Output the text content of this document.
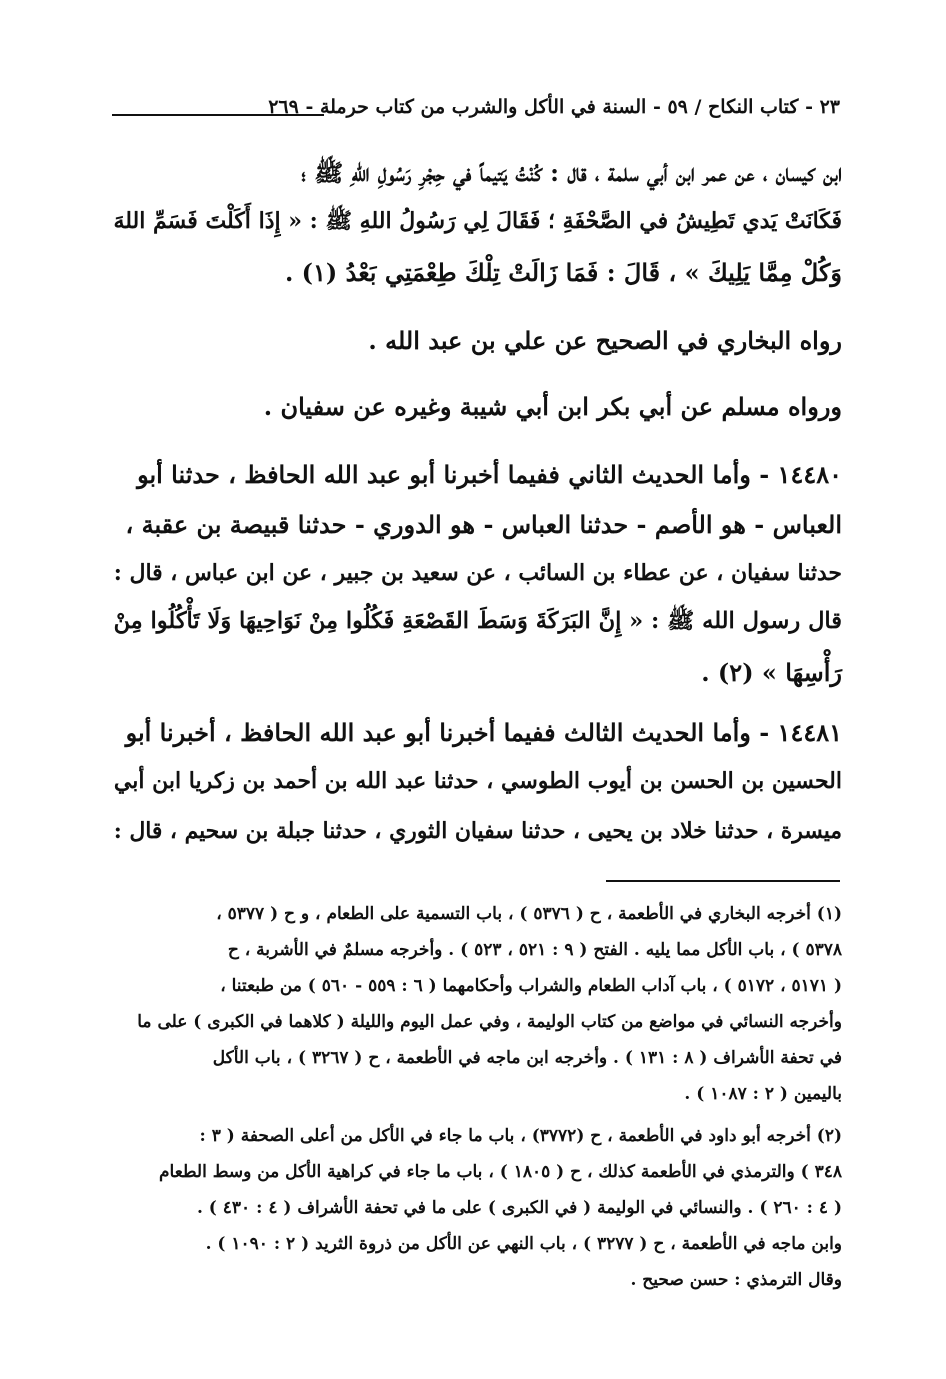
٢٣ - كتاب النكاح / ٥٩ - السنة في الأكل والشرب من كتاب حرملة - ٢٦٩
ابن كيسان ، عن عمر ابن أبي سلمة ، قال : كُنْتُ يَتيماً في حِجْرِ رَسُولِ اللهِ ﷺ ؛
فَكَانَتْ يَدي تَطِيشُ في الصَّحْفَةِ ؛ فَقَالَ لِي رَسُولُ اللهِ ﷺ : « إِذَا أَكَلْتَ فَسَمِّ اللهَ
وَكُلْ مِمَّا يَلِيكَ » ، قَالَ : فَمَا زَالَتْ تِلْكَ طِعْمَتِي بَعْدُ (١) .
رواه البخاري في الصحيح عن علي بن عبد الله .
ورواه مسلم عن أبي بكر ابن أبي شيبة وغيره عن سفيان .
١٤٤٨٠ - وأما الحديث الثاني ففيما أخبرنا أبو عبد الله الحافظ ، حدثنا أبو
العباس - هو الأصم - حدثنا العباس - هو الدوري - حدثنا قبيصة بن عقبة ،
حدثنا سفيان ، عن عطاء بن السائب ، عن سعيد بن جبير ، عن ابن عباس ، قال :
قال رسول الله ﷺ : « إِنَّ البَرَكَةَ وَسَطَ القَصْعَةِ فَكُلُوا مِنْ نَوَاحِيهَا وَلَا تَأْكُلُوا مِنْ
رَأْسِهَا » (٢) .
١٤٤٨١ - وأما الحديث الثالث ففيما أخبرنا أبو عبد الله الحافظ ، أخبرنا أبو
الحسين بن الحسن بن أيوب الطوسي ، حدثنا عبد الله بن أحمد بن زكريا ابن أبي
ميسرة ، حدثنا خلاد بن يحيى ، حدثنا سفيان الثوري ، حدثنا جبلة بن سحيم ، قال :
(١) أخرجه البخاري في الأطعمة ، ح ( ٥٣٧٦ ) ، باب التسمية على الطعام ، و ح ( ٥٣٧٧ ،
٥٣٧٨ ) ، باب الأكل مما يليه . الفتح ( ٩ : ٥٢١ ، ٥٢٣ ) . وأخرجه مسلمٌ في الأشربة ، ح
( ٥١٧١ ، ٥١٧٢ ) ، باب آداب الطعام والشراب وأحكامهما ( ٦ : ٥٥٩ - ٥٦٠ ) من طبعتنا ،
وأخرجه النسائي في مواضع من كتاب الوليمة ، وفي عمل اليوم والليلة ( كلاهما في الكبرى ) على ما
في تحفة الأشراف ( ٨ : ١٣١ ) . وأخرجه ابن ماجه في الأطعمة ، ح ( ٣٢٦٧ ) ، باب الأكل
باليمين ( ٢ : ١٠٨٧ ) .
(٢) أخرجه أبو داود في الأطعمة ، ح (٣٧٧٢) ، باب ما جاء في الأكل من أعلى الصحفة ( ٣ :
٣٤٨ ) والترمذي في الأطعمة كذلك ، ح ( ١٨٠٥ ) ، باب ما جاء في كراهية الأكل من وسط الطعام
( ٤ : ٢٦٠ ) . والنسائي في الوليمة ( في الكبرى ) على ما في تحفة الأشراف ( ٤ : ٤٣٠ ) .
وابن ماجه في الأطعمة ، ح ( ٣٢٧٧ ) ، باب النهي عن الأكل من ذروة الثريد ( ٢ : ١٠٩٠ ) .
وقال الترمذي : حسن صحيح .
